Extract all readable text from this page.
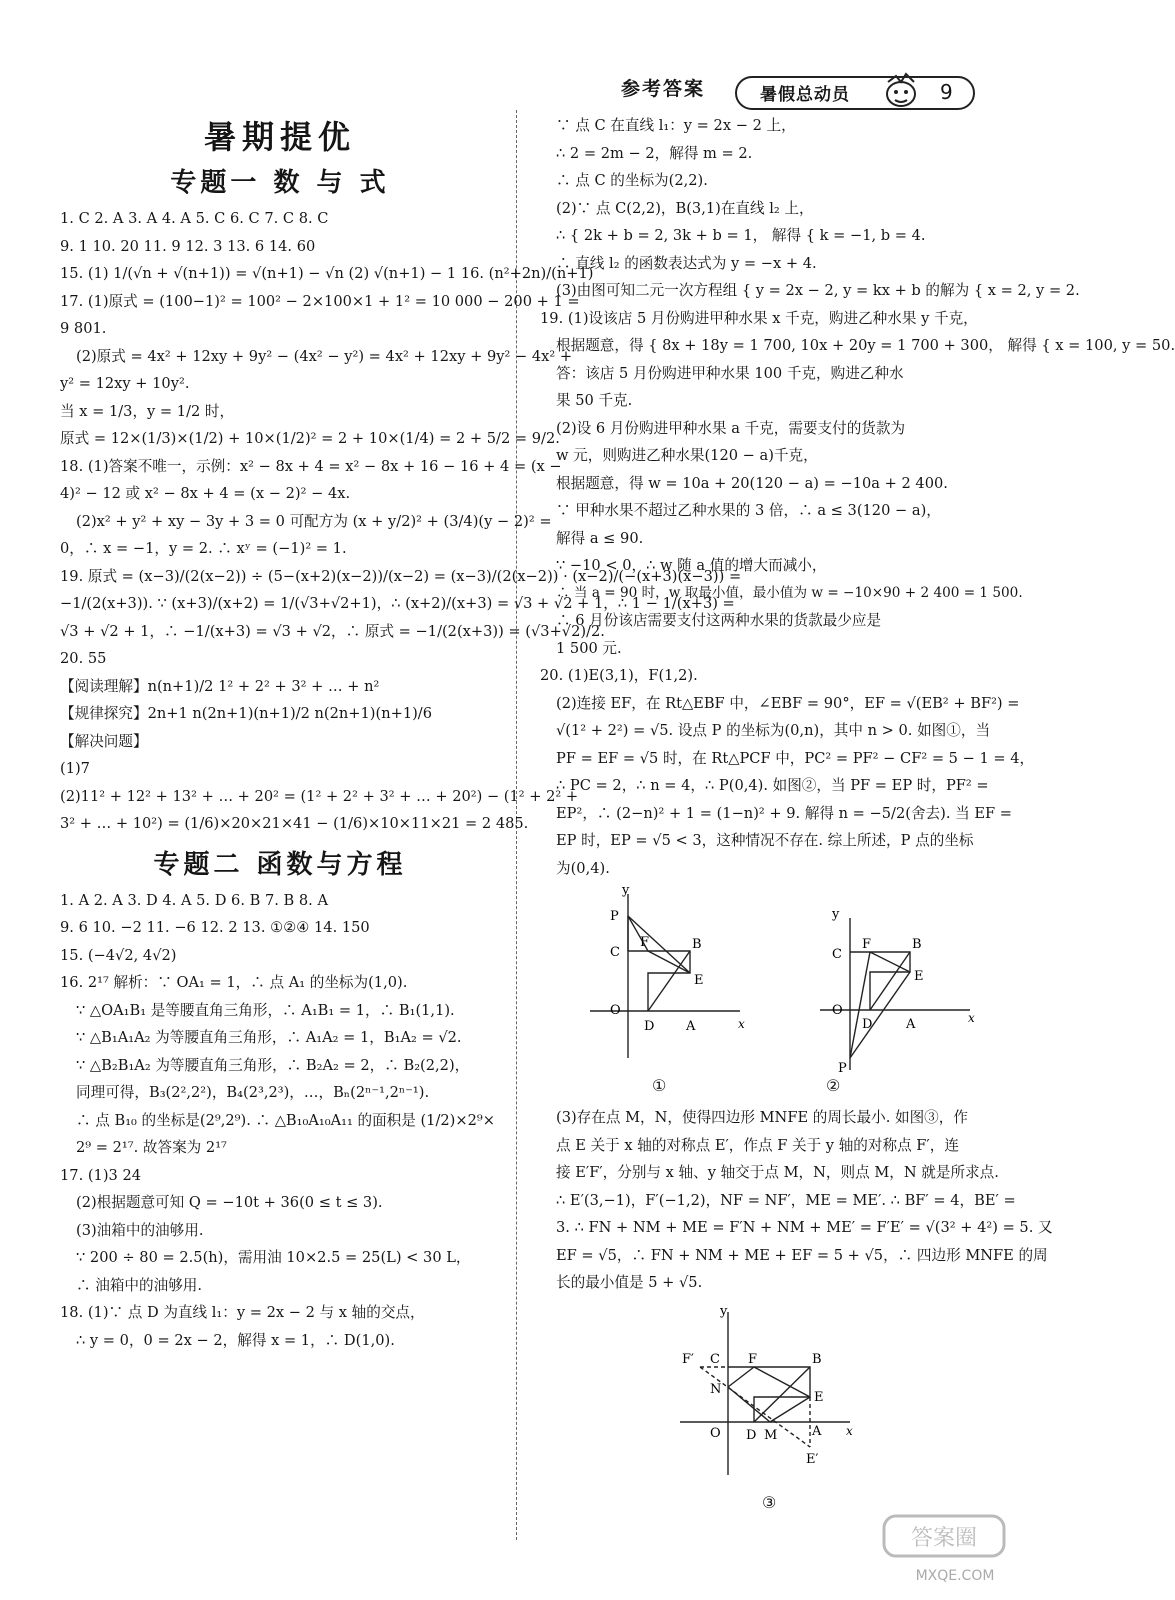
参考答案	暑假总动员	9
暑期提优
专题一 数 与 式
1. C 2. A 3. A 4. A 5. C 6. C 7. C 8. C
9. 1 10. 20 11. 9 12. 3 13. 6 14. 60
15. (1) 1/(√n + √(n+1)) = √(n+1) − √n (2) √(n+1) − 1 16. (n²+2n)/(n+1)
17. (1)原式 = (100−1)² = 100² − 2×100×1 + 1² = 10 000 − 200 + 1 =
9 801.
(2)原式 = 4x² + 12xy + 9y² − (4x² − y²) = 4x² + 12xy + 9y² − 4x² +
y² = 12xy + 10y².
当 x = 1/3，y = 1/2 时，
原式 = 12×(1/3)×(1/2) + 10×(1/2)² = 2 + 10×(1/4) = 2 + 5/2 = 9/2.
18. (1)答案不唯一，示例：x² − 8x + 4 = x² − 8x + 16 − 16 + 4 = (x −
4)² − 12 或 x² − 8x + 4 = (x − 2)² − 4x.
(2)x² + y² + xy − 3y + 3 = 0 可配方为 (x + y/2)² + (3/4)(y − 2)² =
0，∴ x = −1，y = 2. ∴ xʸ = (−1)² = 1.
19. 原式 = (x−3)/(2(x−2)) ÷ (5−(x+2)(x−2))/(x−2) = (x−3)/(2(x−2)) · (x−2)/(−(x+3)(x−3)) =
−1/(2(x+3)). ∵ (x+3)/(x+2) = 1/(√3+√2+1)，∴ (x+2)/(x+3) = √3 + √2 + 1，∴ 1 − 1/(x+3) =
√3 + √2 + 1，∴ −1/(x+3) = √3 + √2，∴ 原式 = −1/(2(x+3)) = (√3+√2)/2.
20. 55
【阅读理解】n(n+1)/2 1² + 2² + 3² + … + n²
【规律探究】2n+1 n(2n+1)(n+1)/2 n(2n+1)(n+1)/6
【解决问题】
(1)7
(2)11² + 12² + 13² + … + 20² = (1² + 2² + 3² + … + 20²) − (1² + 2² +
3² + … + 10²) = (1/6)×20×21×41 − (1/6)×10×11×21 = 2 485.
专题二 函数与方程
1. A 2. A 3. D 4. A 5. D 6. B 7. B 8. A
9. 6 10. −2 11. −6 12. 2 13. ①②④ 14. 150
15. (−4√2, 4√2)
16. 2¹⁷ 解析：∵ OA₁ = 1，∴ 点 A₁ 的坐标为(1,0).
∵ △OA₁B₁ 是等腰直角三角形，∴ A₁B₁ = 1，∴ B₁(1,1).
∵ △B₁A₁A₂ 为等腰直角三角形，∴ A₁A₂ = 1，B₁A₂ = √2.
∵ △B₂B₁A₂ 为等腰直角三角形，∴ B₂A₂ = 2，∴ B₂(2,2)，
同理可得，B₃(2²,2²)，B₄(2³,2³)，…，Bₙ(2ⁿ⁻¹,2ⁿ⁻¹).
∴ 点 B₁₀ 的坐标是(2⁹,2⁹). ∴ △B₁₀A₁₀A₁₁ 的面积是 (1/2)×2⁹×
2⁹ = 2¹⁷. 故答案为 2¹⁷
17. (1)3 24
(2)根据题意可知 Q = −10t + 36(0 ≤ t ≤ 3).
(3)油箱中的油够用.
∵ 200 ÷ 80 = 2.5(h)，需用油 10×2.5 = 25(L) < 30 L，
∴ 油箱中的油够用.
18. (1)∵ 点 D 为直线 l₁：y = 2x − 2 与 x 轴的交点，
∴ y = 0，0 = 2x − 2，解得 x = 1，∴ D(1,0).
∵ 点 C 在直线 l₁：y = 2x − 2 上，
∴ 2 = 2m − 2，解得 m = 2.
∴ 点 C 的坐标为(2,2).
(2)∵ 点 C(2,2)，B(3,1)在直线 l₂ 上，
∴ { 2k + b = 2, 3k + b = 1， 解得 { k = −1, b = 4.
∴ 直线 l₂ 的函数表达式为 y = −x + 4.
(3)由图可知二元一次方程组 { y = 2x − 2, y = kx + b 的解为 { x = 2, y = 2.
19. (1)设该店 5 月份购进甲种水果 x 千克，购进乙种水果 y 千克，
根据题意，得 { 8x + 18y = 1 700, 10x + 20y = 1 700 + 300， 解得 { x = 100, y = 50.
答：该店 5 月份购进甲种水果 100 千克，购进乙种水
果 50 千克.
(2)设 6 月份购进甲种水果 a 千克，需要支付的货款为
w 元，则购进乙种水果(120 − a)千克，
根据题意，得 w = 10a + 20(120 − a) = −10a + 2 400.
∵ 甲种水果不超过乙种水果的 3 倍，∴ a ≤ 3(120 − a)，
解得 a ≤ 90.
∵ −10 < 0，∴ w 随 a 值的增大而减小，
∴ 当 a = 90 时，w 取最小值，最小值为 w = −10×90 + 2 400 = 1 500.
∴ 6 月份该店需要支付这两种水果的货款最少应是
1 500 元.
20. (1)E(3,1)，F(1,2).
(2)连接 EF，在 Rt△EBF 中，∠EBF = 90°，EF = √(EB² + BF²) =
√(1² + 2²) = √5. 设点 P 的坐标为(0,n)，其中 n > 0. 如图①，当
PF = EF = √5 时，在 Rt△PCF 中，PC² = PF² − CF² = 5 − 1 = 4，
∴ PC = 2，∴ n = 4，∴ P(0,4). 如图②，当 PF = EP 时，PF² =
EP²，∴ (2−n)² + 1 = (1−n)² + 9. 解得 n = −5/2(舍去). 当 EF =
EP 时，EP = √5 < 3，这种情况不存在. 综上所述，P 点的坐标
为(0,4).
y
P
C
F	B
E
O
D A	x
①
y
C
F	B
E
O
D	A	x
P
②
(3)存在点 M，N，使得四边形 MNFE 的周长最小. 如图③，作
点 E 关于 x 轴的对称点 E′，作点 F 关于 y 轴的对称点 F′，连
接 E′F′，分别与 x 轴、y 轴交于点 M，N，则点 M，N 就是所求点.
∴ E′(3,−1)，F′(−1,2)，NF = NF′，ME = ME′. ∴ BF′ = 4，BE′ =
3. ∴ FN + NM + ME = F′N + NM + ME′ = F′E′ = √(3² + 4²) = 5. 又
EF = √5，∴ FN + NM + ME + EF = 5 + √5，∴ 四边形 MNFE 的周
长的最小值是 5 + √5.
y
F′ C F	B
E
N
O D M	A x
E′
③
答案圈
MXQE.COM
